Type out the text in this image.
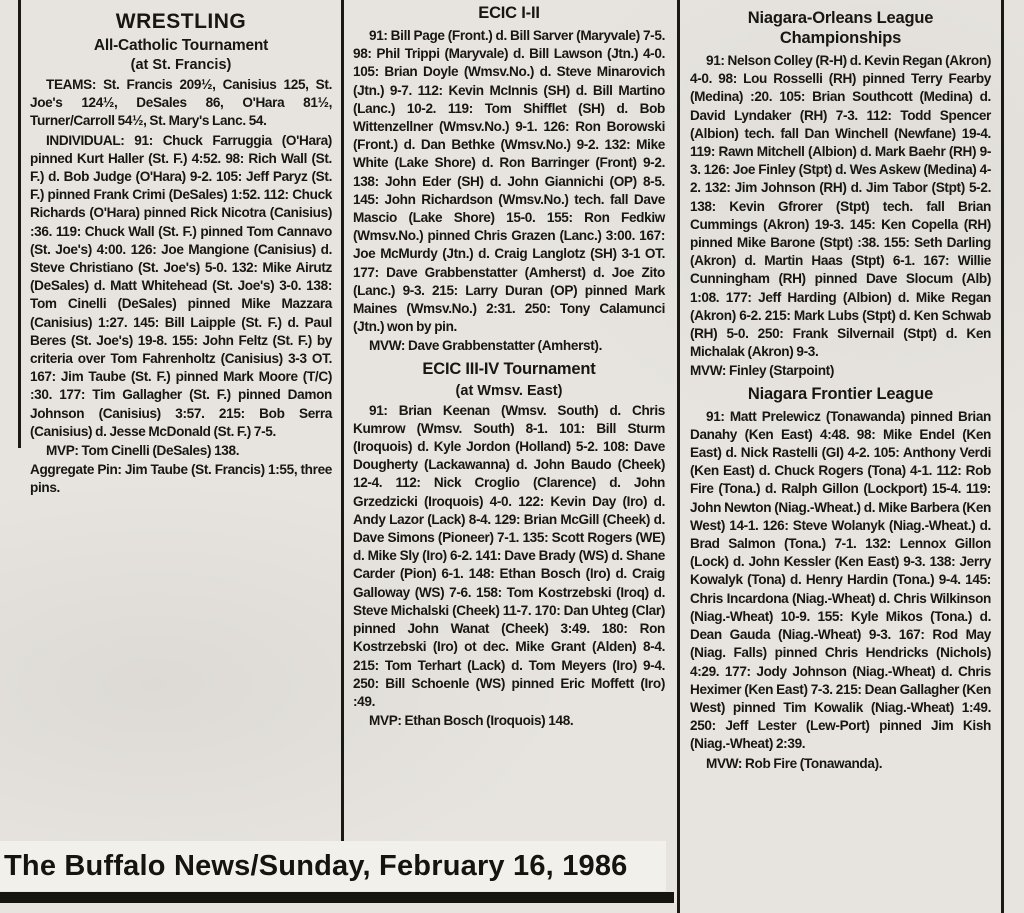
WRESTLING
All-Catholic Tournament
(at St. Francis)

TEAMS: St. Francis 209½, Canisius 125, St. Joe's 124½, DeSales 86, O'Hara 81½, Turner/Carroll 54½, St. Mary's Lanc. 54.

INDIVIDUAL: 91: Chuck Farruggia (O'Hara) pinned Kurt Haller (St. F.) 4:52. 98: Rich Wall (St. F.) d. Bob Judge (O'Hara) 9-2. 105: Jeff Paryz (St. F.) pinned Frank Crimi (DeSales) 1:52. 112: Chuck Richards (O'Hara) pinned Rick Nicotra (Canisius) :36. 119: Chuck Wall (St. F.) pinned Tom Cannavo (St. Joe's) 4:00. 126: Joe Mangione (Canisius) d. Steve Christiano (St. Joe's) 5-0. 132: Mike Airutz (DeSales) d. Matt Whitehead (St. Joe's) 3-0. 138: Tom Cinelli (DeSales) pinned Mike Mazzara (Canisius) 1:27. 145: Bill Laipple (St. F.) d. Paul Beres (St. Joe's) 19-8. 155: John Feltz (St. F.) by criteria over Tom Fahrenholtz (Canisius) 3-3 OT. 167: Jim Taube (St. F.) pinned Mark Moore (T/C) :30. 177: Tim Gallagher (St. F.) pinned Damon Johnson (Canisius) 3:57. 215: Bob Serra (Canisius) d. Jesse McDonald (St. F.) 7-5.

MVP: Tom Cinelli (DeSales) 138.

Aggregate Pin: Jim Taube (St. Francis) 1:55, three pins.

ECIC I-II

91: Bill Page (Front.) d. Bill Sarver (Maryvale) 7-5. 98: Phil Trippi (Maryvale) d. Bill Lawson (Jtn.) 4-0. 105: Brian Doyle (Wmsv.No.) d. Steve Minarovich (Jtn.) 9-7. 112: Kevin McInnis (SH) d. Bill Martino (Lanc.) 10-2. 119: Tom Shifflet (SH) d. Bob Wittenzellner (Wmsv.No.) 9-1. 126: Ron Borowski (Front.) d. Dan Bethke (Wmsv.No.) 9-2. 132: Mike White (Lake Shore) d. Ron Barringer (Front) 9-2. 138: John Eder (SH) d. John Giannichi (OP) 8-5. 145: John Richardson (Wmsv.No.) tech. fall Dave Mascio (Lake Shore) 15-0. 155: Ron Fedkiw (Wmsv.No.) pinned Chris Grazen (Lanc.) 3:00. 167: Joe McMurdy (Jtn.) d. Craig Langlotz (SH) 3-1 OT. 177: Dave Grabbenstatter (Amherst) d. Joe Zito (Lanc.) 9-3. 215: Larry Duran (OP) pinned Mark Maines (Wmsv.No.) 2:31. 250: Tony Calamunci (Jtn.) won by pin.

MVW: Dave Grabbenstatter (Amherst).

ECIC III-IV Tournament
(at Wmsv. East)

91: Brian Keenan (Wmsv. South) d. Chris Kumrow (Wmsv. South) 8-1. 101: Bill Sturm (Iroquois) d. Kyle Jordon (Holland) 5-2. 108: Dave Dougherty (Lackawanna) d. John Baudo (Cheek) 12-4. 112: Nick Croglio (Clarence) d. John Grzedzicki (Iroquois) 4-0. 122: Kevin Day (Iro) d. Andy Lazor (Lack) 8-4. 129: Brian McGill (Cheek) d. Dave Simons (Pioneer) 7-1. 135: Scott Rogers (WE) d. Mike Sly (Iro) 6-2. 141: Dave Brady (WS) d. Shane Carder (Pion) 6-1. 148: Ethan Bosch (Iro) d. Craig Galloway (WS) 7-6. 158: Tom Kostrzebski (Iroq) d. Steve Michalski (Cheek) 11-7. 170: Dan Uhteg (Clar) pinned John Wanat (Cheek) 3:49. 180: Ron Kostrzebski (Iro) ot dec. Mike Grant (Alden) 8-4. 215: Tom Terhart (Lack) d. Tom Meyers (Iro) 9-4. 250: Bill Schoenle (WS) pinned Eric Moffett (Iro) :49.

MVP: Ethan Bosch (Iroquois) 148.

Niagara-Orleans League Championships

91: Nelson Colley (R-H) d. Kevin Regan (Akron) 4-0. 98: Lou Rosselli (RH) pinned Terry Fearby (Medina) :20. 105: Brian Southcott (Medina) d. David Lyndaker (RH) 7-3. 112: Todd Spencer (Albion) tech. fall Dan Winchell (Newfane) 19-4. 119: Rawn Mitchell (Albion) d. Mark Baehr (RH) 9-3. 126: Joe Finley (Stpt) d. Wes Askew (Medina) 4-2. 132: Jim Johnson (RH) d. Jim Tabor (Stpt) 5-2. 138: Kevin Gfrorer (Stpt) tech. fall Brian Cummings (Akron) 19-3. 145: Ken Copella (RH) pinned Mike Barone (Stpt) :38. 155: Seth Darling (Akron) d. Martin Haas (Stpt) 6-1. 167: Willie Cunningham (RH) pinned Dave Slocum (Alb) 1:08. 177: Jeff Harding (Albion) d. Mike Regan (Akron) 6-2. 215: Mark Lubs (Stpt) d. Ken Schwab (RH) 5-0. 250: Frank Silvernail (Stpt) d. Ken Michalak (Akron) 9-3.

MVW: Finley (Starpoint)

Niagara Frontier League

91: Matt Prelewicz (Tonawanda) pinned Brian Danahy (Ken East) 4:48. 98: Mike Endel (Ken East) d. Nick Rastelli (GI) 4-2. 105: Anthony Verdi (Ken East) d. Chuck Rogers (Tona) 4-1. 112: Rob Fire (Tona.) d. Ralph Gillon (Lockport) 15-4. 119: John Newton (Niag.-Wheat.) d. Mike Barbera (Ken West) 14-1. 126: Steve Wolanyk (Niag.-Wheat.) d. Brad Salmon (Tona.) 7-1. 132: Lennox Gillon (Lock) d. John Kessler (Ken East) 9-3. 138: Jerry Kowalyk (Tona) d. Henry Hardin (Tona.) 9-4. 145: Chris Incardona (Niag.-Wheat) d. Chris Wilkinson (Niag.-Wheat) 10-9. 155: Kyle Mikos (Tona.) d. Dean Gauda (Niag.-Wheat) 9-3. 167: Rod May (Niag. Falls) pinned Chris Hendricks (Nichols) 4:29. 177: Jody Johnson (Niag.-Wheat) d. Chris Heximer (Ken East) 7-3. 215: Dean Gallagher (Ken West) pinned Tim Kowalik (Niag.-Wheat) 1:49. 250: Jeff Lester (Lew-Port) pinned Jim Kish (Niag.-Wheat) 2:39.

MVW: Rob Fire (Tonawanda).

The Buffalo News/Sunday, February 16, 1986
